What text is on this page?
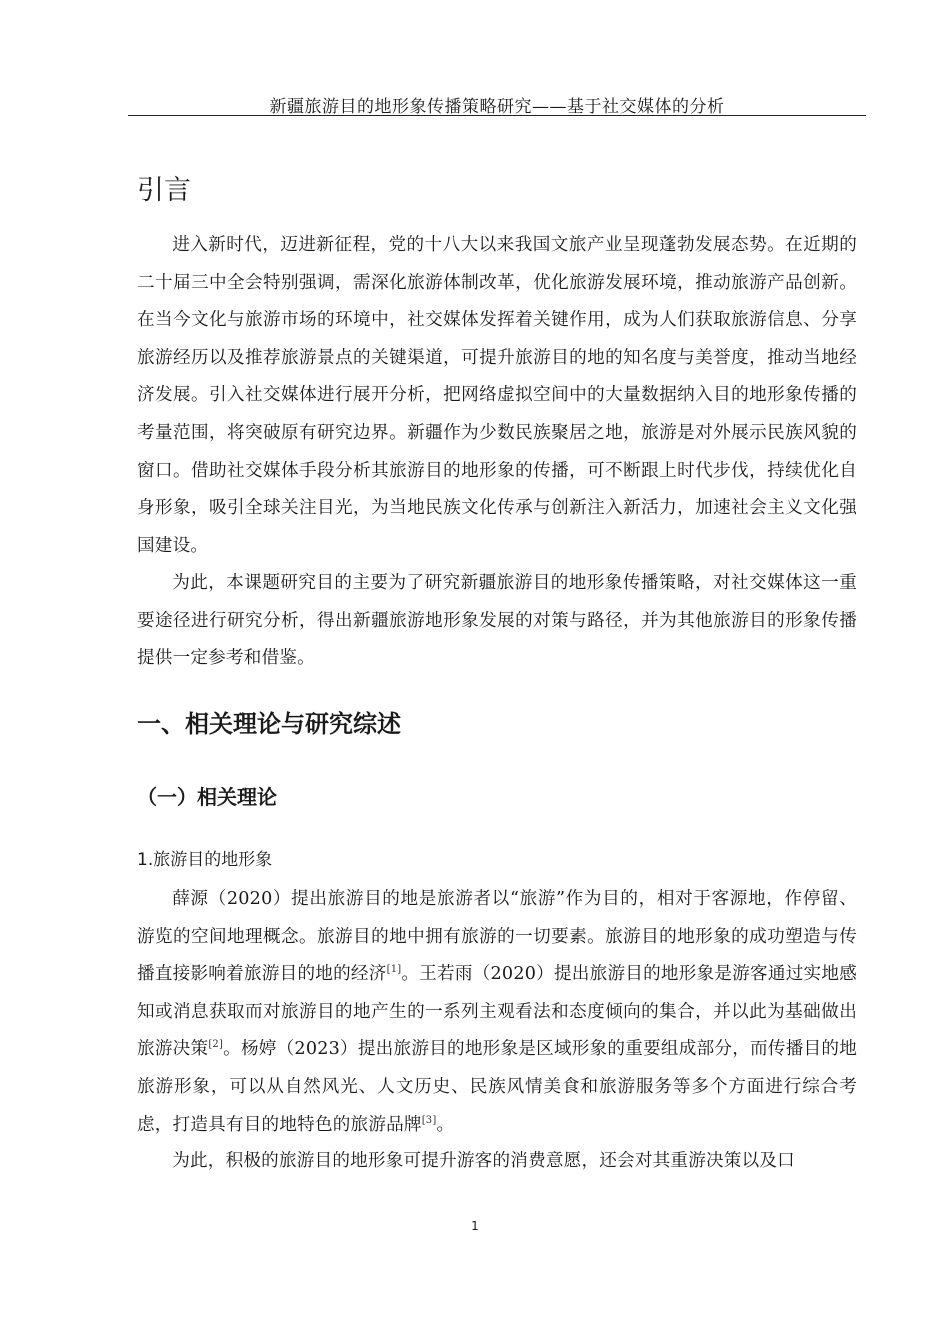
新疆旅游目的地形象传播策略研究——基于社交媒体的分析
引言

进入新时代，迈进新征程，党的十八大以来我国文旅产业呈现蓬勃发展态势。在近期的二十届三中全会特别强调，需深化旅游体制改革，优化旅游发展环境，推动旅游产品创新。在当今文化与旅游市场的环境中，社交媒体发挥着关键作用，成为人们获取旅游信息、分享旅游经历以及推荐旅游景点的关键渠道，可提升旅游目的地的知名度与美誉度，推动当地经济发展。引入社交媒体进行展开分析，把网络虚拟空间中的大量数据纳入目的地形象传播的考量范围，将突破原有研究边界。新疆作为少数民族聚居之地，旅游是对外展示民族风貌的窗口。借助社交媒体手段分析其旅游目的地形象的传播，可不断跟上时代步伐，持续优化自身形象，吸引全球关注目光，为当地民族文化传承与创新注入新活力，加速社会主义文化强国建设。

为此，本课题研究目的主要为了研究新疆旅游目的地形象传播策略，对社交媒体这一重要途径进行研究分析，得出新疆旅游地形象发展的对策与路径，并为其他旅游目的形象传播提供一定参考和借鉴。

一、相关理论与研究综述
（一）相关理论
1.旅游目的地形象

薛源（2020）提出旅游目的地是旅游者以“旅游”作为目的，相对于客源地，作停留、游览的空间地理概念。旅游目的地中拥有旅游的一切要素。旅游目的地形象的成功塑造与传播直接影响着旅游目的地的经济[1]。王若雨（2020）提出旅游目的地形象是游客通过实地感知或消息获取而对旅游目的地产生的一系列主观看法和态度倾向的集合，并以此为基础做出旅游决策[2]。杨婷（2023）提出旅游目的地形象是区域形象的重要组成部分，而传播目的地旅游形象，可以从自然风光、人文历史、民族风情美食和旅游服务等多个方面进行综合考虑，打造具有目的地特色的旅游品牌[3]。

为此，积极的旅游目的地形象可提升游客的消费意愿，还会对其重游决策以及口

1
